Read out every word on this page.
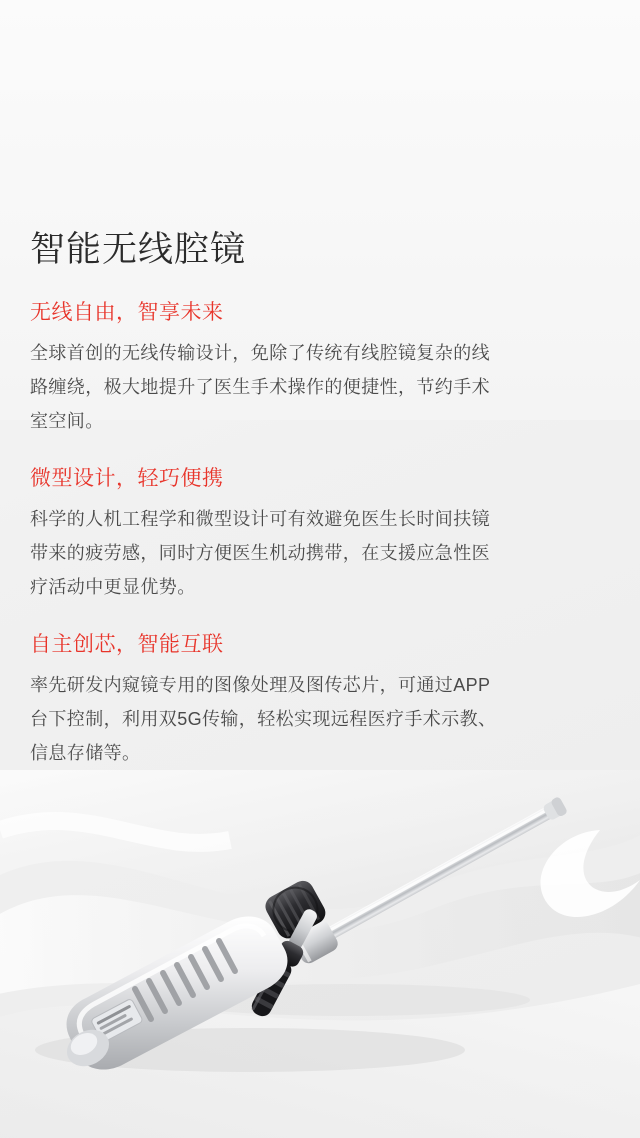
智能无线腔镜
无线自由，智享未来

全球首创的无线传输设计，免除了传统有线腔镜复杂的线路缠绕，极大地提升了医生手术操作的便捷性，节约手术室空间。

微型设计，轻巧便携

科学的人机工程学和微型设计可有效避免医生长时间扶镜带来的疲劳感，同时方便医生机动携带，在支援应急性医疗活动中更显优势。

自主创芯，智能互联

率先研发内窥镜专用的图像处理及图传芯片，可通过APP台下控制，利用双5G传输，轻松实现远程医疗手术示教、信息存储等。
